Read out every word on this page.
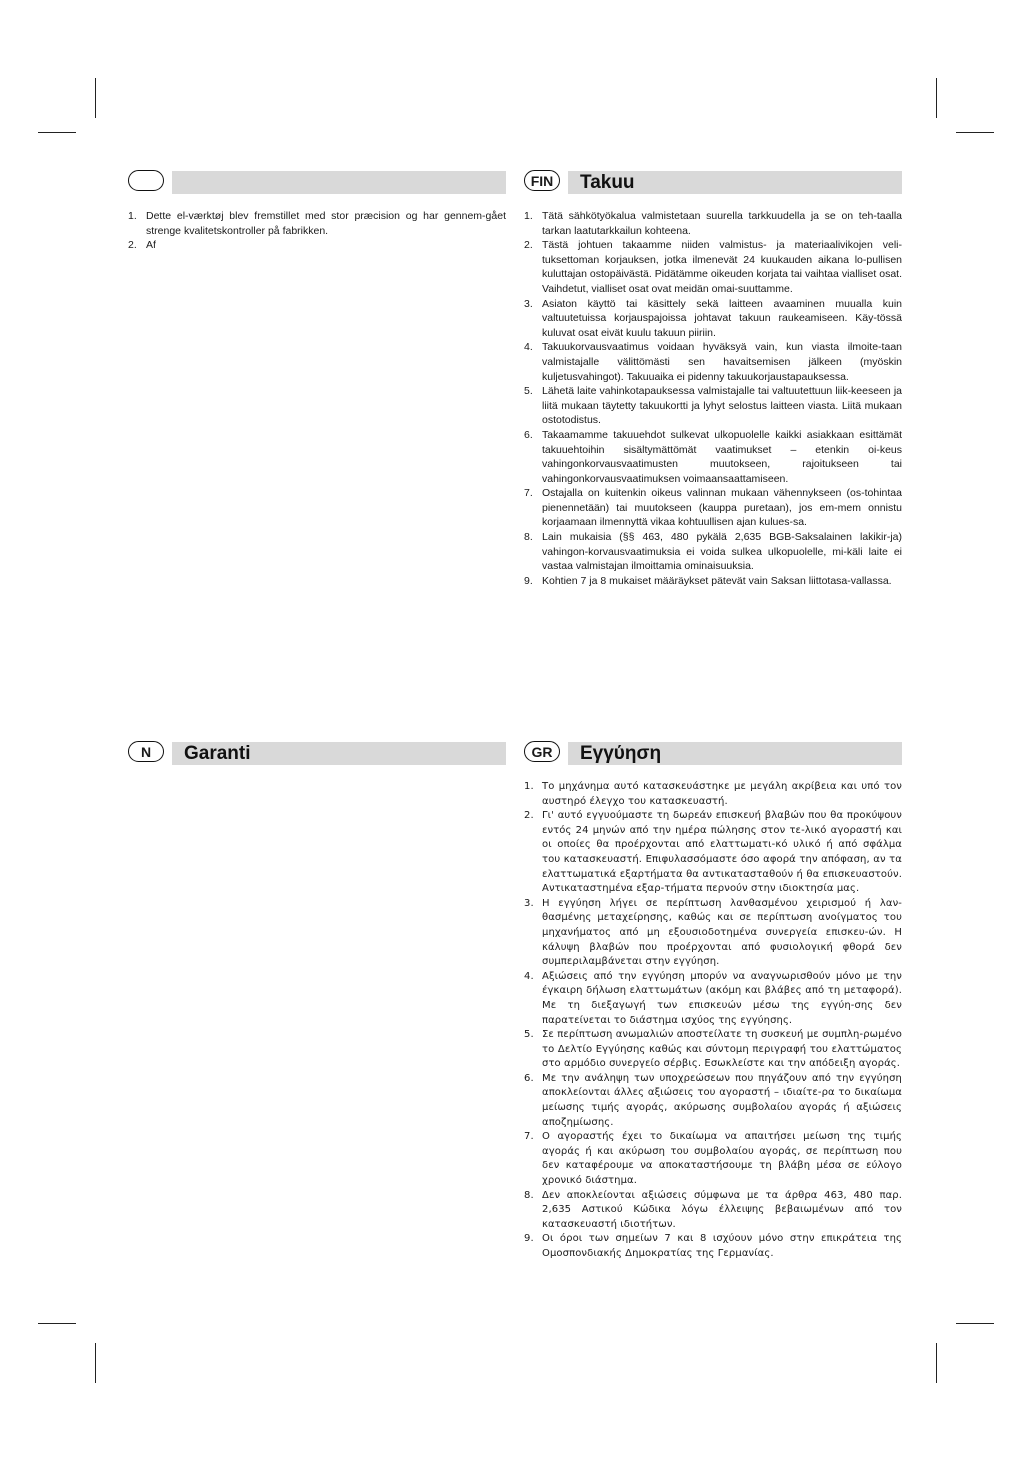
1. Dette el-værktøj blev fremstillet med stor præcision og har gennem-gået strenge kvalitetskontroller på fabrikken.
2. Af
FIN	Takuu
1. Tätä sähkötyökalua valmistetaan suurella tarkkuudella ja se on teh-taalla tarkan laatutarkkailun kohteena.
2. Tästä johtuen takaamme niiden valmistus- ja materiaalivikojen veli-tuksettoman korjauksen, jotka ilmenevät 24 kuukauden aikana lo-pullisen kuluttajan ostopäivästä. Pidätämme oikeuden korjata tai vaihtaa vialliset osat. Vaihdetut, vialliset osat ovat meidän omai-suuttamme.
3. Asiaton käyttö tai käsittely sekä laitteen avaaminen muualla kuin valtuutetuissa korjauspajoissa johtavat takuun raukeamiseen. Käy-tössä kuluvat osat eivät kuulu takuun piiriin.
4. Takuukorvausvaatimus voidaan hyväksyä vain, kun viasta ilmoite-taan valmistajalle välittömästi sen havaitsemisen jälkeen (myöskin kuljetusvahingot). Takuuaika ei pidenny takuukorjaustapauksessa.
5. Lähetä laite vahinkotapauksessa valmistajalle tai valtuutettuun liik-keeseen ja liitä mukaan täytetty takuukortti ja lyhyt selostus laitteen viasta. Liitä mukaan ostotodistus.
6. Takaamamme takuuehdot sulkevat ulkopuolelle kaikki asiakkaan esittämät takuuehtoihin sisältymättömät vaatimukset – etenkin oi-keus vahingonkorvausvaatimusten muutokseen, rajoitukseen tai vahingonkorvausvaatimuksen voimaansaattamiseen.
7. Ostajalla on kuitenkin oikeus valinnan mukaan vähennykseen (os-tohintaa pienennetään) tai muutokseen (kauppa puretaan), jos em-mem onnistu korjaamaan ilmennyttä vikaa kohtuullisen ajan kulues-sa.
8. Lain mukaisia (§§ 463, 480 pykälä 2,635 BGB-Saksalainen lakikir-ja) vahingon-korvausvaatimuksia ei voida sulkea ulkopuolelle, mi-käli laite ei vastaa valmistajan ilmoittamia ominaisuuksia.
9. Kohtien 7 ja 8 mukaiset määräykset pätevät vain Saksan liittotasa-vallassa.
N	Garanti	GR	Εγγύηση
1. Το μηχάνημα αυτό κατασκευάστηκε με μεγάλη ακρίβεια και υπό τον αυστηρό έλεγχο του κατασκευαστή.
2. Γι' αυτό εγγυούμαστε τη δωρεάν επισκευή βλαβών που θα προκύψουν εντός 24 μηνών από την ημέρα πώλησης στον τε-λικό αγοραστή και οι οποίες θα προέρχονται από ελαττωματι-κό υλικό ή από σφάλμα του κατασκευαστή. Επιφυλασσόμαστε όσο αφορά την απόφαση, αν τα ελαττωματικά εξαρτήματα θα αντικατασταθούν ή θα επισκευαστούν. Αντικαταστημένα εξαρ-τήματα περνούν στην ιδιοκτησία μας.
3. Η εγγύηση λήγει σε περίπτωση λανθασμένου χειρισμού ή λαν-θασμένης μεταχείρησης, καθώς και σε περίπτωση ανοίγματος του μηχανήματος από μη εξουσιοδοτημένα συνεργεία επισκευ-ών. Η κάλυψη βλαβών που προέρχονται από φυσιολογική φθορά δεν συμπεριλαμβάνεται στην εγγύηση.
4. Αξιώσεις από την εγγύηση μπορύν να αναγνωρισθούν μόνο με την έγκαιρη δήλωση ελαττωμάτων (ακόμη και βλάβες από τη μεταφορά). Με τη διεξαγωγή των επισκευών μέσω της εγγύη-σης δεν παρατείνεται το διάστημα ισχύος της εγγύησης.
5. Σε περίπτωση ανωμαλιών αποστείλατε τη συσκευή με συμπλη-ρωμένο το Δελτίο Εγγύησης καθώς και σύντομη περιγραφή του ελαττώματος στο αρμόδιο συνεργείο σέρβις. Εσωκλείστε και την απόδειξη αγοράς.
6. Με την ανάληψη των υποχρεώσεων που πηγάζουν από την εγγύηση αποκλείονται άλλες αξιώσεις του αγοραστή – ιδιαίτε-ρα το δικαίωμα μείωσης τιμής αγοράς, ακύρωσης συμβολαίου αγοράς ή αξιώσεις αποζημίωσης.
7. Ο αγοραστής έχει το δικαίωμα να απαιτήσει μείωση της τιμής αγοράς ή και ακύρωση του συμβολαίου αγοράς, σε περίπτωση που δεν καταφέρουμε να αποκαταστήσουμε τη βλάβη μέσα σε εύλογο χρονικό διάστημα.
8. Δεν αποκλείονται αξιώσεις σύμφωνα με τα άρθρα 463, 480 παρ. 2,635 Αστικού Κώδικα λόγω έλλειψης βεβαιωμένων από τον κατασκευαστή ιδιοτήτων.
9. Οι όροι των σημείων 7 και 8 ισχύουν μόνο στην επικράτεια της Ομοσπονδιακής Δημοκρατίας της Γερμανίας.
